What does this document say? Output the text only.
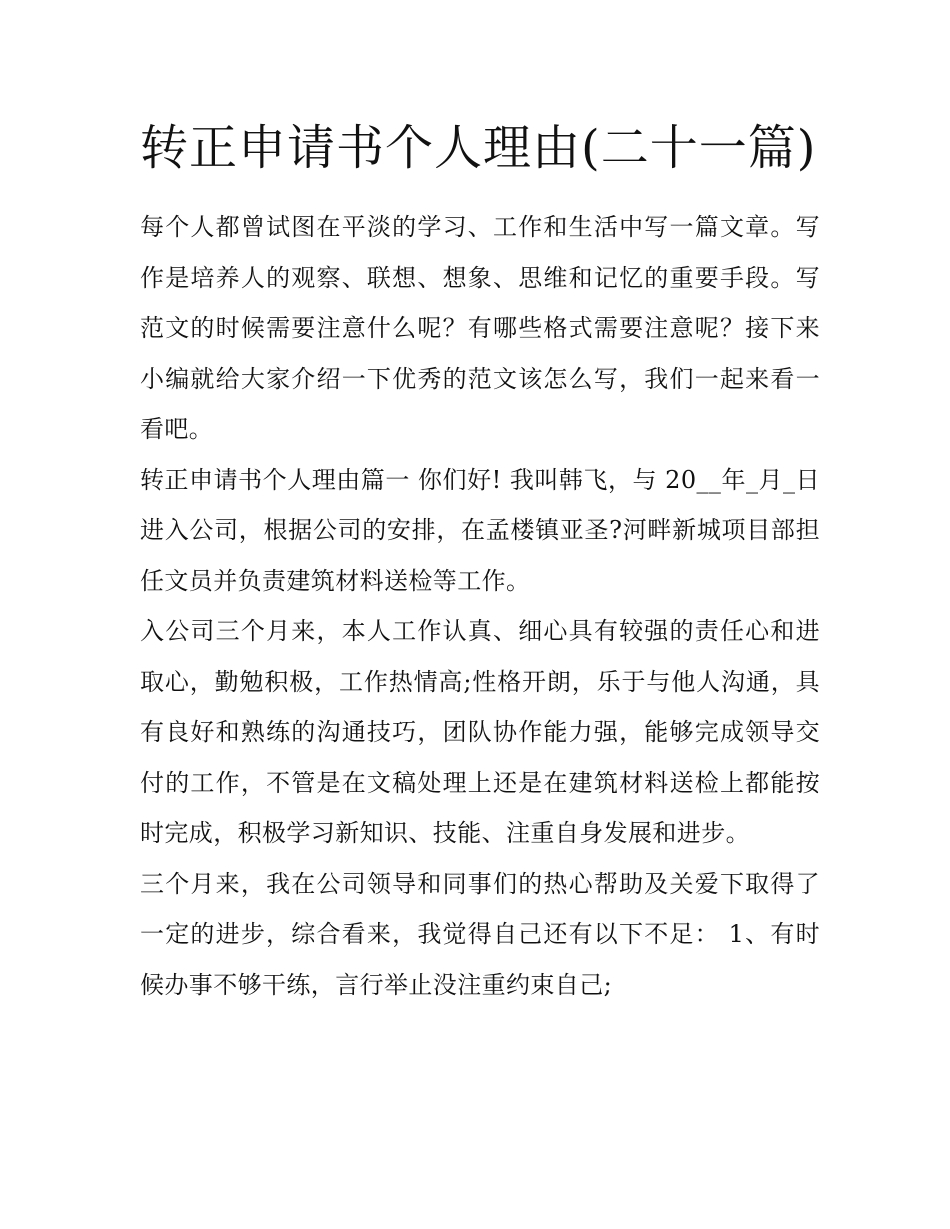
转正申请书个人理由(二十一篇)

每个人都曾试图在平淡的学习、工作和生活中写一篇文章。写作是培养人的观察、联想、想象、思维和记忆的重要手段。写范文的时候需要注意什么呢？有哪些格式需要注意呢？接下来小编就给大家介绍一下优秀的范文该怎么写，我们一起来看一看吧。

转正申请书个人理由篇一 你们好! 我叫韩飞，与 20__年_月_日进入公司，根据公司的安排，在孟楼镇亚圣?河畔新城项目部担任文员并负责建筑材料送检等工作。

入公司三个月来，本人工作认真、细心具有较强的责任心和进取心，勤勉积极，工作热情高;性格开朗，乐于与他人沟通，具有良好和熟练的沟通技巧，团队协作能力强，能够完成领导交付的工作，不管是在文稿处理上还是在建筑材料送检上都能按时完成，积极学习新知识、技能、注重自身发展和进步。

三个月来，我在公司领导和同事们的热心帮助及关爱下取得了一定的进步，综合看来，我觉得自己还有以下不足： 1、有时候办事不够干练，言行举止没注重约束自己;
